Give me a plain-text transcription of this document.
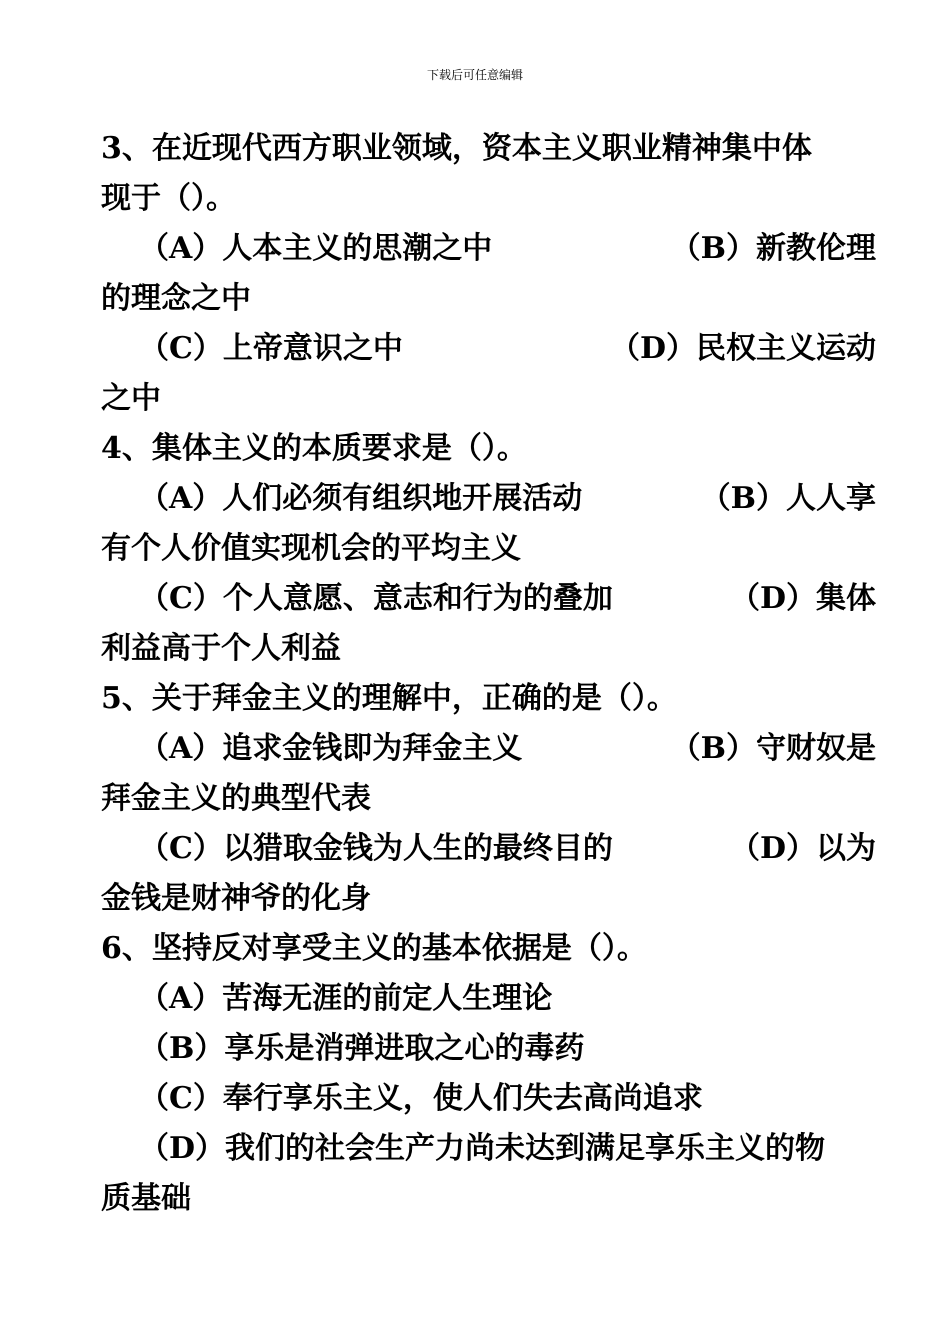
下载后可任意编辑
3、在近现代西方职业领域，资本主义职业精神集中体
现于（）。
（A）人本主义的思潮之中	（B）新教伦理
的理念之中
（C）上帝意识之中	（D）民权主义运动
之中
4、集体主义的本质要求是（）。
（A）人们必须有组织地开展活动	（B）人人享
有个人价值实现机会的平均主义
（C）个人意愿、意志和行为的叠加	（D）集体
利益高于个人利益
5、关于拜金主义的理解中，正确的是（）。
（A）追求金钱即为拜金主义	（B）守财奴是
拜金主义的典型代表
（C）以猎取金钱为人生的最终目的	（D）以为
金钱是财神爷的化身
6、坚持反对享受主义的基本依据是（）。
（A）苦海无涯的前定人生理论
（B）享乐是消弹进取之心的毒药
（C）奉行享乐主义，使人们失去高尚追求
（D）我们的社会生产力尚未达到满足享乐主义的物
质基础
